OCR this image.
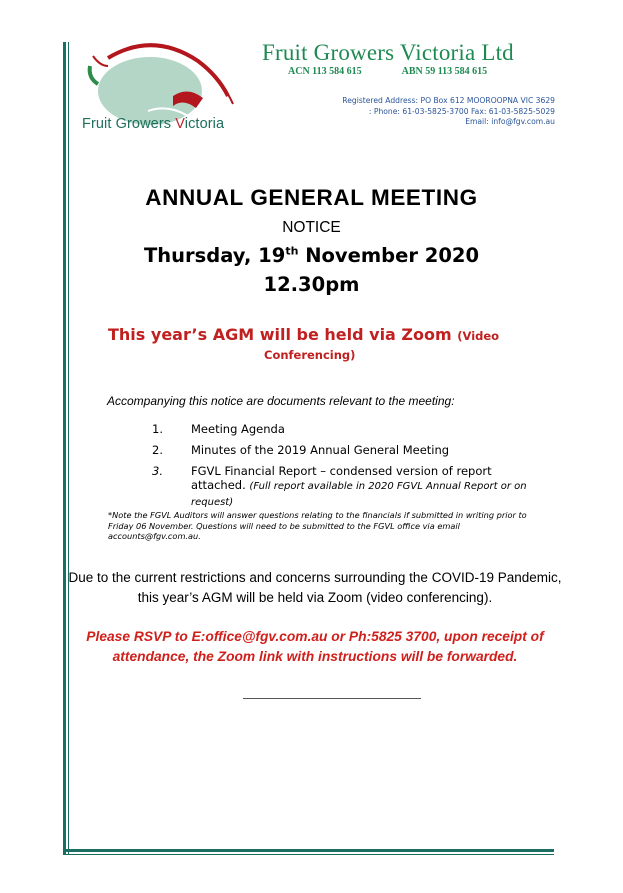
Fruit Growers Victoria
Fruit Growers Victoria Ltd
ACN 113 584 615	ABN 59 113 584 615
Registered Address: PO Box 612 MOOROOPNA VIC 3629
: Phone: 61-03-5825-3700 Fax: 61-03-5825-5029
Email: info@fgv.com.au
ANNUAL GENERAL MEETING
NOTICE
Thursday, 19th November 2020
12.30pm
This year’s AGM will be held via Zoom (Video
Conferencing)
Accompanying this notice are documents relevant to the meeting:
1.	Meeting Agenda
2.	Minutes of the 2019 Annual General Meeting
3.	FGVL Financial Report – condensed version of report attached. (Full report available in 2020 FGVL Annual Report or on request)
*Note the FGVL Auditors will answer questions relating to the financials if submitted in writing prior to Friday 06 November. Questions will need to be submitted to the FGVL office via email accounts@fgv.com.au.
Due to the current restrictions and concerns surrounding the COVID-19 Pandemic, this year’s AGM will be held via Zoom (video conferencing).
Please RSVP to E:office@fgv.com.au or Ph:5825 3700, upon receipt of attendance, the Zoom link with instructions will be forwarded.
